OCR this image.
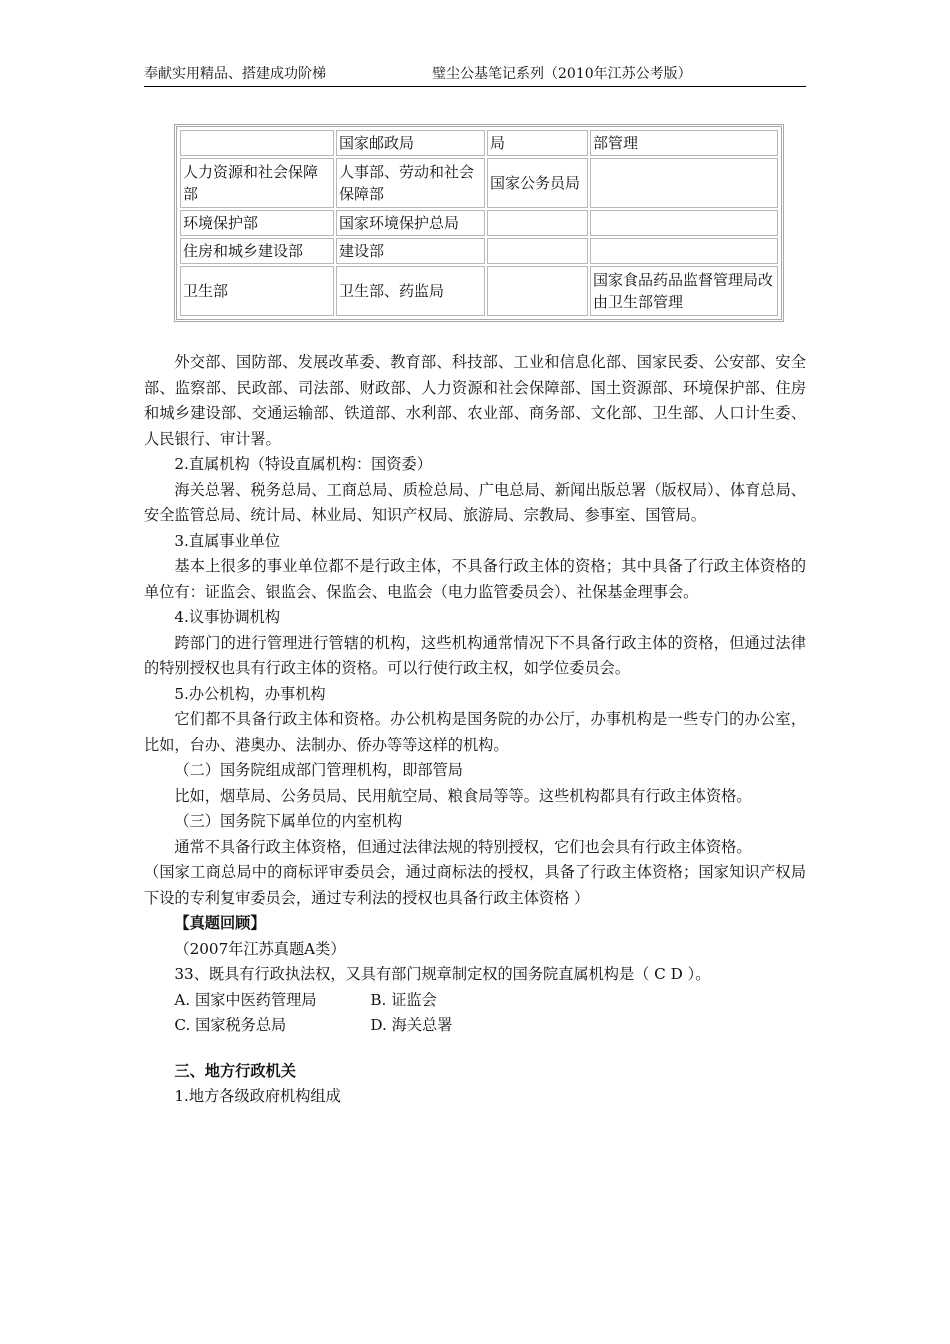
奉献实用精品、搭建成功阶梯	璧尘公基笔记系列（2010年江苏公考版）
	国家邮政局	局	部管理
人力资源和社会保障部	人事部、劳动和社会保障部	国家公务员局	
环境保护部	国家环境保护总局		
住房和城乡建设部	建设部		
卫生部	卫生部、药监局		国家食品药品监督管理局改由卫生部管理

外交部、国防部、发展改革委、教育部、科技部、工业和信息化部、国家民委、公安部、安全部、监察部、民政部、司法部、财政部、人力资源和社会保障部、国土资源部、环境保护部、住房和城乡建设部、交通运输部、铁道部、水利部、农业部、商务部、文化部、卫生部、人口计生委、人民银行、审计署。

2.直属机构（特设直属机构：国资委）

海关总署、税务总局、工商总局、质检总局、广电总局、新闻出版总署（版权局）、体育总局、安全监管总局、统计局、林业局、知识产权局、旅游局、宗教局、参事室、国管局。

3.直属事业单位

基本上很多的事业单位都不是行政主体，不具备行政主体的资格；其中具备了行政主体资格的单位有：证监会、银监会、保监会、电监会（电力监管委员会）、社保基金理事会。

4.议事协调机构

跨部门的进行管理进行管辖的机构，这些机构通常情况下不具备行政主体的资格，但通过法律的特别授权也具有行政主体的资格。可以行使行政主权，如学位委员会。

5.办公机构，办事机构

它们都不具备行政主体和资格。办公机构是国务院的办公厅，办事机构是一些专门的办公室，比如，台办、港奥办、法制办、侨办等等这样的机构。

（二）国务院组成部门管理机构，即部管局

比如，烟草局、公务员局、民用航空局、粮食局等等。这些机构都具有行政主体资格。

（三）国务院下属单位的内室机构

通常不具备行政主体资格，但通过法律法规的特别授权，它们也会具有行政主体资格。

（国家工商总局中的商标评审委员会，通过商标法的授权，具备了行政主体资格；国家知识产权局下设的专利复审委员会，通过专利法的授权也具备行政主体资格 ）

【真题回顾】

（2007年江苏真题A类）

33、既具有行政执法权，又具有部门规章制定权的国务院直属机构是（ C D ）。

A. 国家中医药管理局	B. 证监会
C. 国家税务总局	D. 海关总署

三、地方行政机关

1.地方各级政府机构组成
